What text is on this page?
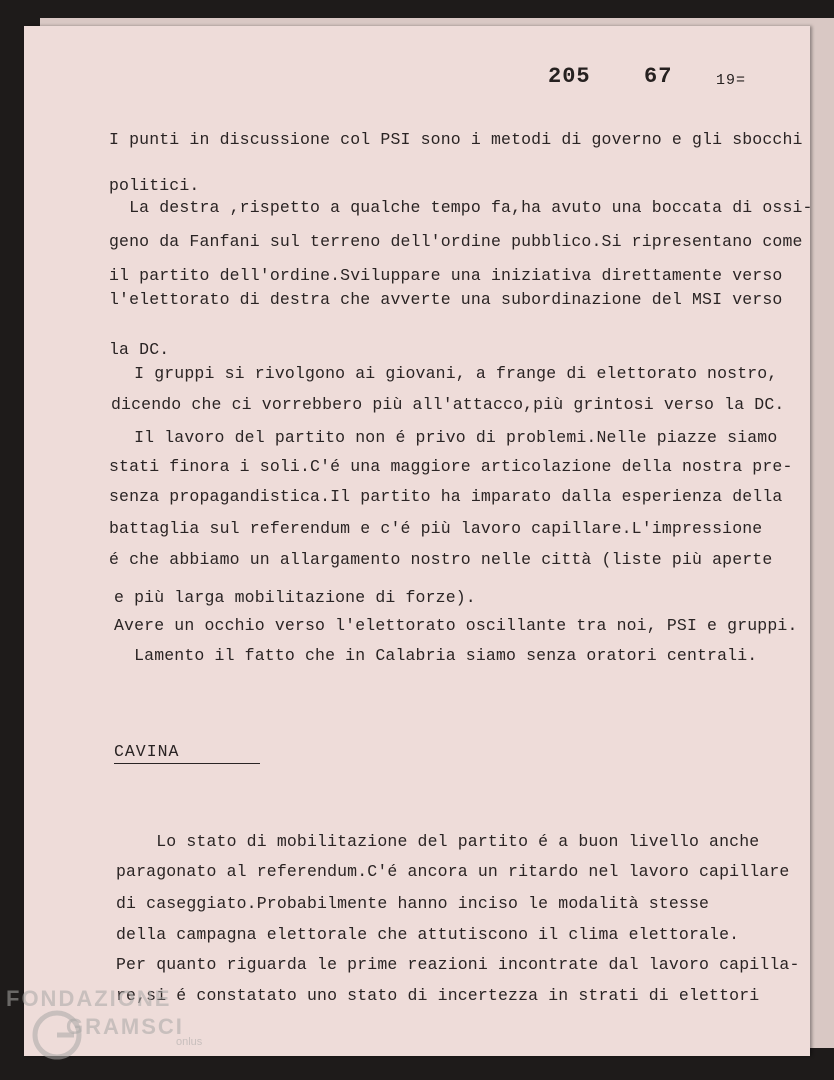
205 67	19=
I punti in discussione col PSI sono i metodi di governo e gli sbocchi
politici.
La destra ,rispetto a qualche tempo fa,ha avuto una boccata di ossi-
geno da Fanfani sul terreno dell'ordine pubblico.Si ripresentano come
il partito dell'ordine.Sviluppare una iniziativa direttamente verso
l'elettorato di destra che avverte una subordinazione del MSI verso
la DC.
I gruppi si rivolgono ai giovani, a frange di elettorato nostro,
dicendo che ci vorrebbero più all'attacco,più grintosi verso la DC.
Il lavoro del partito non é privo di problemi.Nelle piazze siamo
stati finora i soli.C'é una maggiore articolazione della nostra pre-
senza propagandistica.Il partito ha imparato dalla esperienza della
battaglia sul referendum e c'é più lavoro capillare.L'impressione
é che abbiamo un allargamento nostro nelle città (liste più aperte
e più larga mobilitazione di forze).
Avere un occhio verso l'elettorato oscillante tra noi, PSI e gruppi.
Lamento il fatto che in Calabria siamo senza oratori centrali.
CAVINA
Lo stato di mobilitazione del partito é a buon livello anche
paragonato al referendum.C'é ancora un ritardo nel lavoro capillare
di caseggiato.Probabilmente hanno inciso le modalità stesse
della campagna elettorale che attutiscono il clima elettorale.
Per quanto riguarda le prime reazioni incontrate dal lavoro capilla-
re,si é constatato uno stato di incertezza in strati di elettori
FONDAZIONE
GRAMSCI
onlus
